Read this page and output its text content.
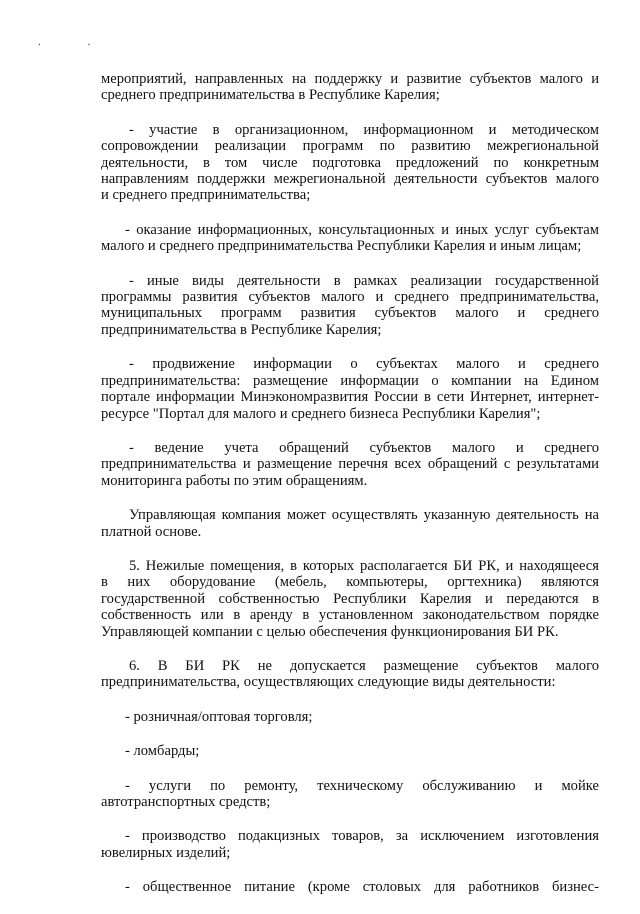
. .
мероприятий, направленных на поддержку и развитие субъектов малого и
среднего предпринимательства в Республике Карелия;
- участие в организационном, информационном и методическом
сопровождении реализации программ по развитию межрегиональной
деятельности, в том числе подготовка предложений по конкретным
направлениям поддержки межрегиональной деятельности субъектов малого
и среднего предпринимательства;
- оказание информационных, консультационных и иных услуг субъектам
малого и среднего предпринимательства Республики Карелия и иным лицам;
- иные виды деятельности в рамках реализации государственной
программы развития субъектов малого и среднего предпринимательства,
муниципальных программ развития субъектов малого и среднего
предпринимательства в Республике Карелия;
- продвижение информации о субъектах малого и среднего
предпринимательства: размещение информации о компании на Едином
портале информации Минэкономразвития России в сети Интернет, интернет-
ресурсе "Портал для малого и среднего бизнеса Республики Карелия";
- ведение учета обращений субъектов малого и среднего
предпринимательства и размещение перечня всех обращений с результатами
мониторинга работы по этим обращениям.
Управляющая компания может осуществлять указанную деятельность на
платной основе.
5. Нежилые помещения, в которых располагается БИ РК, и находящееся
в них оборудование (мебель, компьютеры, оргтехника) являются
государственной собственностью Республики Карелия и передаются в
собственность или в аренду в установленном законодательством порядке
Управляющей компании с целью обеспечения функционирования БИ РК.
6. В БИ РК не допускается размещение субъектов малого
предпринимательства, осуществляющих следующие виды деятельности:
- розничная/оптовая торговля;
- ломбарды;
- услуги по ремонту, техническому обслуживанию и мойке
автотранспортных средств;
- производство подакцизных товаров, за исключением изготовления
ювелирных изделий;
- общественное питание (кроме столовых для работников бизнес-
